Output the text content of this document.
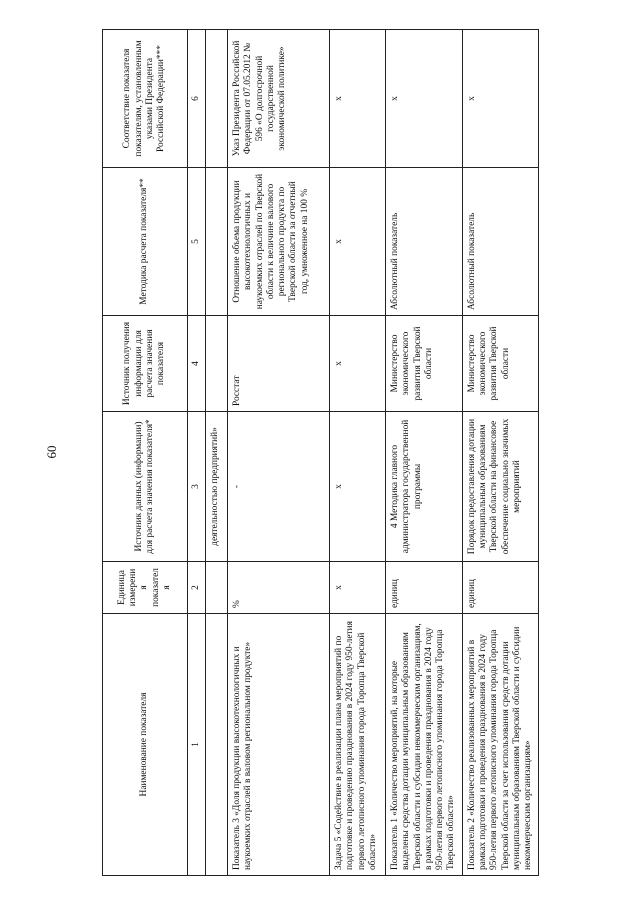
60
Наименование показателя	Единица измерения показателя	Источник данных (информации) для расчета значения показателя*	Источник получения информации для расчета значения показателя	Методика расчета показателя**	Соответствие показателя показателям, установленным указами Президента Российской Федерации***
1	2	3	4	5	6
		деятельностью предприятий»			
Показатель 3 «Доля продукции высокотехнологичных и наукоемких отраслей в валовом региональном продукте»	%	-	Росстат	Отношение объема продукции высокотехнологичных и наукоемких отраслей по Тверской области к величине валового регионального продукта по Тверской области за отчетный год, умноженное на 100 %	Указ Президента Российской Федерации от 07.05.2012 № 596 «О долгосрочной государственной экономической политике»
Задача 5 «Содействие в реализации плана мероприятий по подготовке и проведению празднования в 2024 году 950-летия первого летописного упоминания города Торопца Тверской области»	x	x	x	x	x
Показатель 1 «Количество мероприятий, на которые выделены средства дотации муниципальным образованиям Тверской области и субсидии некоммерческим организациям, в рамках подготовки и проведения празднования в 2024 году 950-летия первого летописного упоминания города Торопца Тверской области»	единиц	4 Методика главного администратора государственной программы	Министерство экономического развития Тверской области	Абсолютный показатель	x
Показатель 2 «Количество реализованных мероприятий в рамках подготовки и проведения празднования в 2024 году 950-летия первого летописного упоминания города Торопца Тверской области за счет использования средств дотации муниципальным образованиям Тверской области и субсидии некоммерческим организациям»	единиц	Порядок предоставления дотации муниципальным образованиям Тверской области на финансовое обеспечение социально значимых мероприятий	Министерство экономического развития Тверской области	Абсолютный показатель	x
